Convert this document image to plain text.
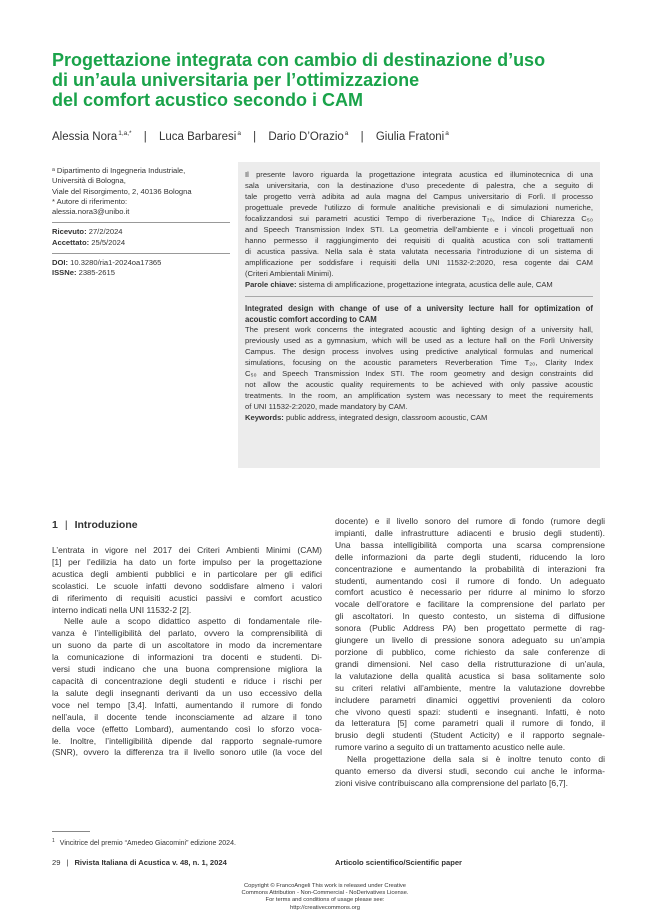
Progettazione integrata con cambio di destinazione d’uso
di un’aula universitaria per l’ottimizzazione
del comfort acustico secondo i CAM
Alessia Nora$^{1,a,*}$ | Luca Barbaresi$^a$ | Dario D’Orazio$^a$ | Giulia Fratoni$^a$
ᵃ Dipartimento di Ingegneria Industriale,
Università di Bologna,
Viale del Risorgimento, 2, 40136 Bologna
* Autore di riferimento:
alessia.nora3@unibo.it
Ricevuto: 27/2/2024
Accettato: 25/5/2024
DOI: 10.3280/ria1-2024oa17365
ISSNe: 2385-2615
Il presente lavoro riguarda la progettazione integrata acustica ed illuminotecnica di una
sala universitaria, con la destinazione d’uso precedente di palestra, che a seguito di
tale progetto verrà adibita ad aula magna del Campus universitario di Forlì. Il processo
progettuale prevede l’utilizzo di formule analitiche previsionali e di simulazioni numeriche,
focalizzandosi sui parametri acustici Tempo di riverberazione T₂₀, Indice di Chiarezza C₅₀
and Speech Transmission Index STI. La geometria dell’ambiente e i vincoli progettuali non
hanno permesso il raggiungimento dei requisiti di qualità acustica con soli trattamenti
di acustica passiva. Nella sala è stata valutata necessaria l’introduzione di un sistema di
amplificazione per soddisfare i requisiti della UNI 11532-2:2020, resa cogente dai CAM
(Criteri Ambientali Minimi).
Parole chiave: sistema di amplificazione, progettazione integrata, acustica delle aule, CAM
Integrated design with change of use of a university lecture hall for optimization of
acoustic comfort according to CAM
The present work concerns the integrated acoustic and lighting design of a university hall,
previously used as a gymnasium, which will be used as a lecture hall on the Forlì University
Campus. The design process involves using predictive analytical formulas and numerical
simulations, focusing on the acoustic parameters Reverberation Time T₂₀, Clarity Index
C₅₀ and Speech Transmission Index STI. The room geometry and design constraints did
not allow the acoustic quality requirements to be achieved with only passive acoustic
treatments. In the room, an amplification system was necessary to meet the requirements
of UNI 11532-2:2020, made mandatory by CAM.
Keywords: public address, integrated design, classroom acoustic, CAM
1 | Introduzione
L’entrata in vigore nel 2017 dei Criteri Ambienti Minimi (CAM)
[1] per l’edilizia ha dato un forte impulso per la progettazione
acustica degli ambienti pubblici e in particolare per gli edifici
scolastici. Le scuole infatti devono soddisfare almeno i valori
di riferimento di requisiti acustici passivi e comfort acustico
interno indicati nella UNI 11532-2 [2].
Nelle aule a scopo didattico aspetto di fondamentale rile-
vanza è l’intelligibilità del parlato, ovvero la comprensibilità di
un suono da parte di un ascoltatore in modo da incrementare
la comunicazione di informazioni tra docenti e studenti. Di-
versi studi indicano che una buona comprensione migliora la
capacità di concentrazione degli studenti e riduce i rischi per
la salute degli insegnanti derivanti da un uso eccessivo della
voce nel tempo [3,4]. Infatti, aumentando il rumore di fondo
nell’aula, il docente tende inconsciamente ad alzare il tono
della voce (effetto Lombard), aumentando così lo sforzo voca-
le. Inoltre, l’intelligibilità dipende dal rapporto segnale-rumore
(SNR), ovvero la differenza tra il livello sonoro utile (la voce del
docente) e il livello sonoro del rumore di fondo (rumore degli
impianti, dalle infrastrutture adiacenti e brusio degli studenti).
Una bassa intelligibilità comporta una scarsa comprensione
delle informazioni da parte degli studenti, riducendo la loro
concentrazione e aumentando la probabilità di interazioni fra
studenti, aumentando così il rumore di fondo. Un adeguato
comfort acustico è necessario per ridurre al minimo lo sforzo
vocale dell’oratore e facilitare la comprensione del parlato per
gli ascoltatori. In questo contesto, un sistema di diffusione
sonora (Public Address PA) ben progettato permette di rag-
giungere un livello di pressione sonora adeguato su un’ampia
porzione di pubblico, come richiesto da sale conferenze di
grandi dimensioni. Nel caso della ristrutturazione di un’aula,
la valutazione della qualità acustica si basa solitamente solo
su criteri relativi all’ambiente, mentre la valutazione dovrebbe
includere parametri dinamici oggettivi provenienti da coloro
che vivono questi spazi: studenti e insegnanti. Infatti, è noto
da letteratura [5] come parametri quali il rumore di fondo, il
brusio degli studenti (Student Acticity) e il rapporto segnale-
rumore varino a seguito di un trattamento acustico nelle aule.
Nella progettazione della sala si è inoltre tenuto conto di
quanto emerso da diversi studi, secondo cui anche le informa-
zioni visive contribuiscano alla comprensione del parlato [6,7].
$^1$ Vincitrice del premio “Amedeo Giacomini” edizione 2024.
29 | Rivista Italiana di Acustica v. 48, n. 1, 2024	Articolo scientifico/Scientific paper
Copyright © FrancoAngeli This work is released under Creative
Commons Attribution - Non-Commercial - NoDerivatives License.
For terms and conditions of usage please see:
http://creativecommons.org
